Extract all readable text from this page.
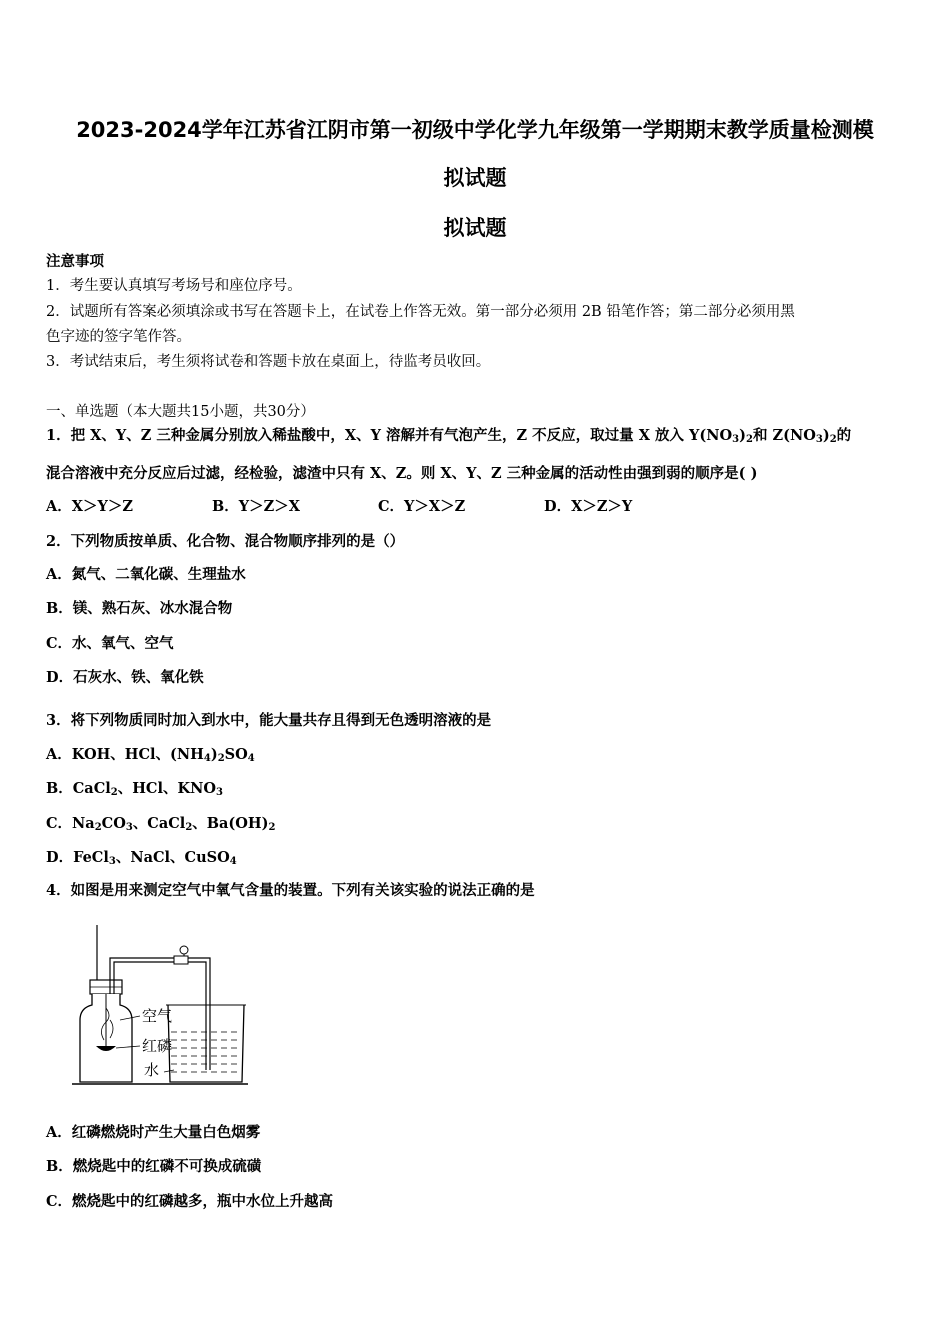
2023-2024学年江苏省江阴市第一初级中学化学九年级第一学期期末教学质量检测模
拟试题
拟试题
注意事项
1．考生要认真填写考场号和座位序号。
2．试题所有答案必须填涂或书写在答题卡上，在试卷上作答无效。第一部分必须用 2B 铅笔作答；第二部分必须用黑
色字迹的签字笔作答。
3．考试结束后，考生须将试卷和答题卡放在桌面上，待监考员收回。
一、单选题（本大题共15小题，共30分）
1．把 X、Y、Z 三种金属分别放入稀盐酸中，X、Y 溶解并有气泡产生，Z 不反应，取过量 X 放入 $Y(NO_3)_2$和 $Z(NO_3)_2$的
混合溶液中充分反应后过滤，经检验，滤渣中只有 X、Z。则 X、Y、Z 三种金属的活动性由强到弱的顺序是( )
A．X＞Y＞Z	B．Y＞Z＞X	C．Y＞X＞Z	D．X＞Z＞Y
2．下列物质按单质、化合物、混合物顺序排列的是（）
A．氮气、二氧化碳、生理盐水
B．镁、熟石灰、冰水混合物
C．水、氧气、空气
D．石灰水、铁、氧化铁
3．将下列物质同时加入到水中，能大量共存且得到无色透明溶液的是
A．KOH、HCl、$(NH_4)_2SO_4$
B．CaCl$_2$、HCl、$KNO_3$
C．$Na_2CO_3$、CaCl$_2$、$Ba(OH)_2$
D．FeCl$_3$、NaCl、CuSO$_4$
4．如图是用来测定空气中氧气含量的装置。下列有关该实验的说法正确的是
空气
红磷
水
A．红磷燃烧时产生大量白色烟雾
B．燃烧匙中的红磷不可换成硫磺
C．燃烧匙中的红磷越多，瓶中水位上升越高
